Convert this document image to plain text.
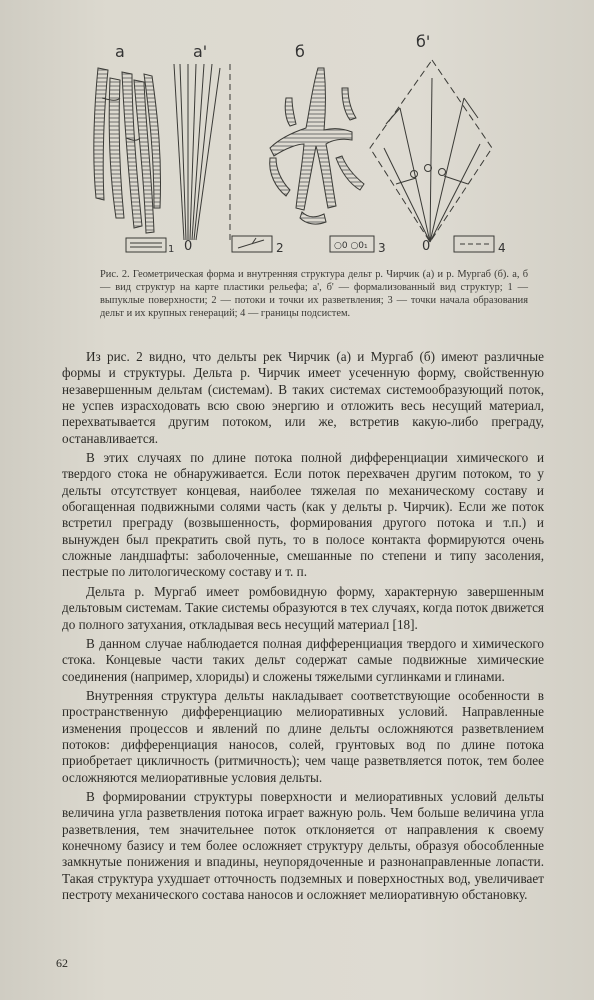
а	а'	б
б'
0	0
1	2	○0 ○0₁ 3	4
Рис. 2. Геометрическая форма и внутренняя структура дельт р. Чирчик (а) и р. Мургаб (б). а, б — вид структур на карте пластики рельефа; а', б' — формализованный вид структур; 1 — выпуклые поверхности; 2 — потоки и точки их разветвления; 3 — точки начала образования дельт и их крупных генераций; 4 — границы подсистем.

Из рис. 2 видно, что дельты рек Чирчик (а) и Мургаб (б) имеют различные формы и структуры. Дельта р. Чирчик имеет усеченную форму, свойственную незавершенным дельтам (системам). В таких системах системообразующий поток, не успев израсходовать всю свою энергию и отложить весь несущий материал, перехватывается другим потоком, или же, встретив какую-либо преграду, останавливается.

В этих случаях по длине потока полной дифференциации химического и твердого стока не обнаруживается. Если поток перехвачен другим потоком, то у дельты отсутствует концевая, наиболее тяжелая по механическому составу и обогащенная подвижными солями часть (как у дельты р. Чирчик). Если же поток встретил преграду (возвышенность, формирования другого потока и т.п.) и вынужден был прекратить свой путь, то в полосе контакта формируются очень сложные ландшафты: заболоченные, смешанные по степени и типу засоления, пестрые по литологическому составу и т. п.

Дельта р. Мургаб имеет ромбовидную форму, характерную завершенным дельтовым системам. Такие системы образуются в тех случаях, когда поток движется до полного затухания, откладывая весь несущий материал [18].

В данном случае наблюдается полная дифференциация твердого и химического стока. Концевые части таких дельт содержат самые подвижные химические соединения (например, хлориды) и сложены тяжелыми суглинками и глинами.

Внутренняя структура дельты накладывает соответствующие особенности в пространственную дифференциацию мелиоративных условий. Направленные изменения процессов и явлений по длине дельты осложняются разветвлением потоков: дифференциация наносов, солей, грунтовых вод по длине потока приобретает цикличность (ритмичность); чем чаще разветвляется поток, тем более осложняются мелиоративные условия дельты.

В формировании структуры поверхности и мелиоративных условий дельты величина угла разветвления потока играет важную роль. Чем больше величина угла разветвления, тем значительнее поток отклоняется от направления к своему конечному базису и тем более осложняет структуру дельты, образуя обособленные замкнутые понижения и впадины, неупорядоченные и разнонаправленные лопасти. Такая структура ухудшает отточность подземных и поверхностных вод, увеличивает пестроту механического состава наносов и осложняет мелиоративную обстановку.

62
